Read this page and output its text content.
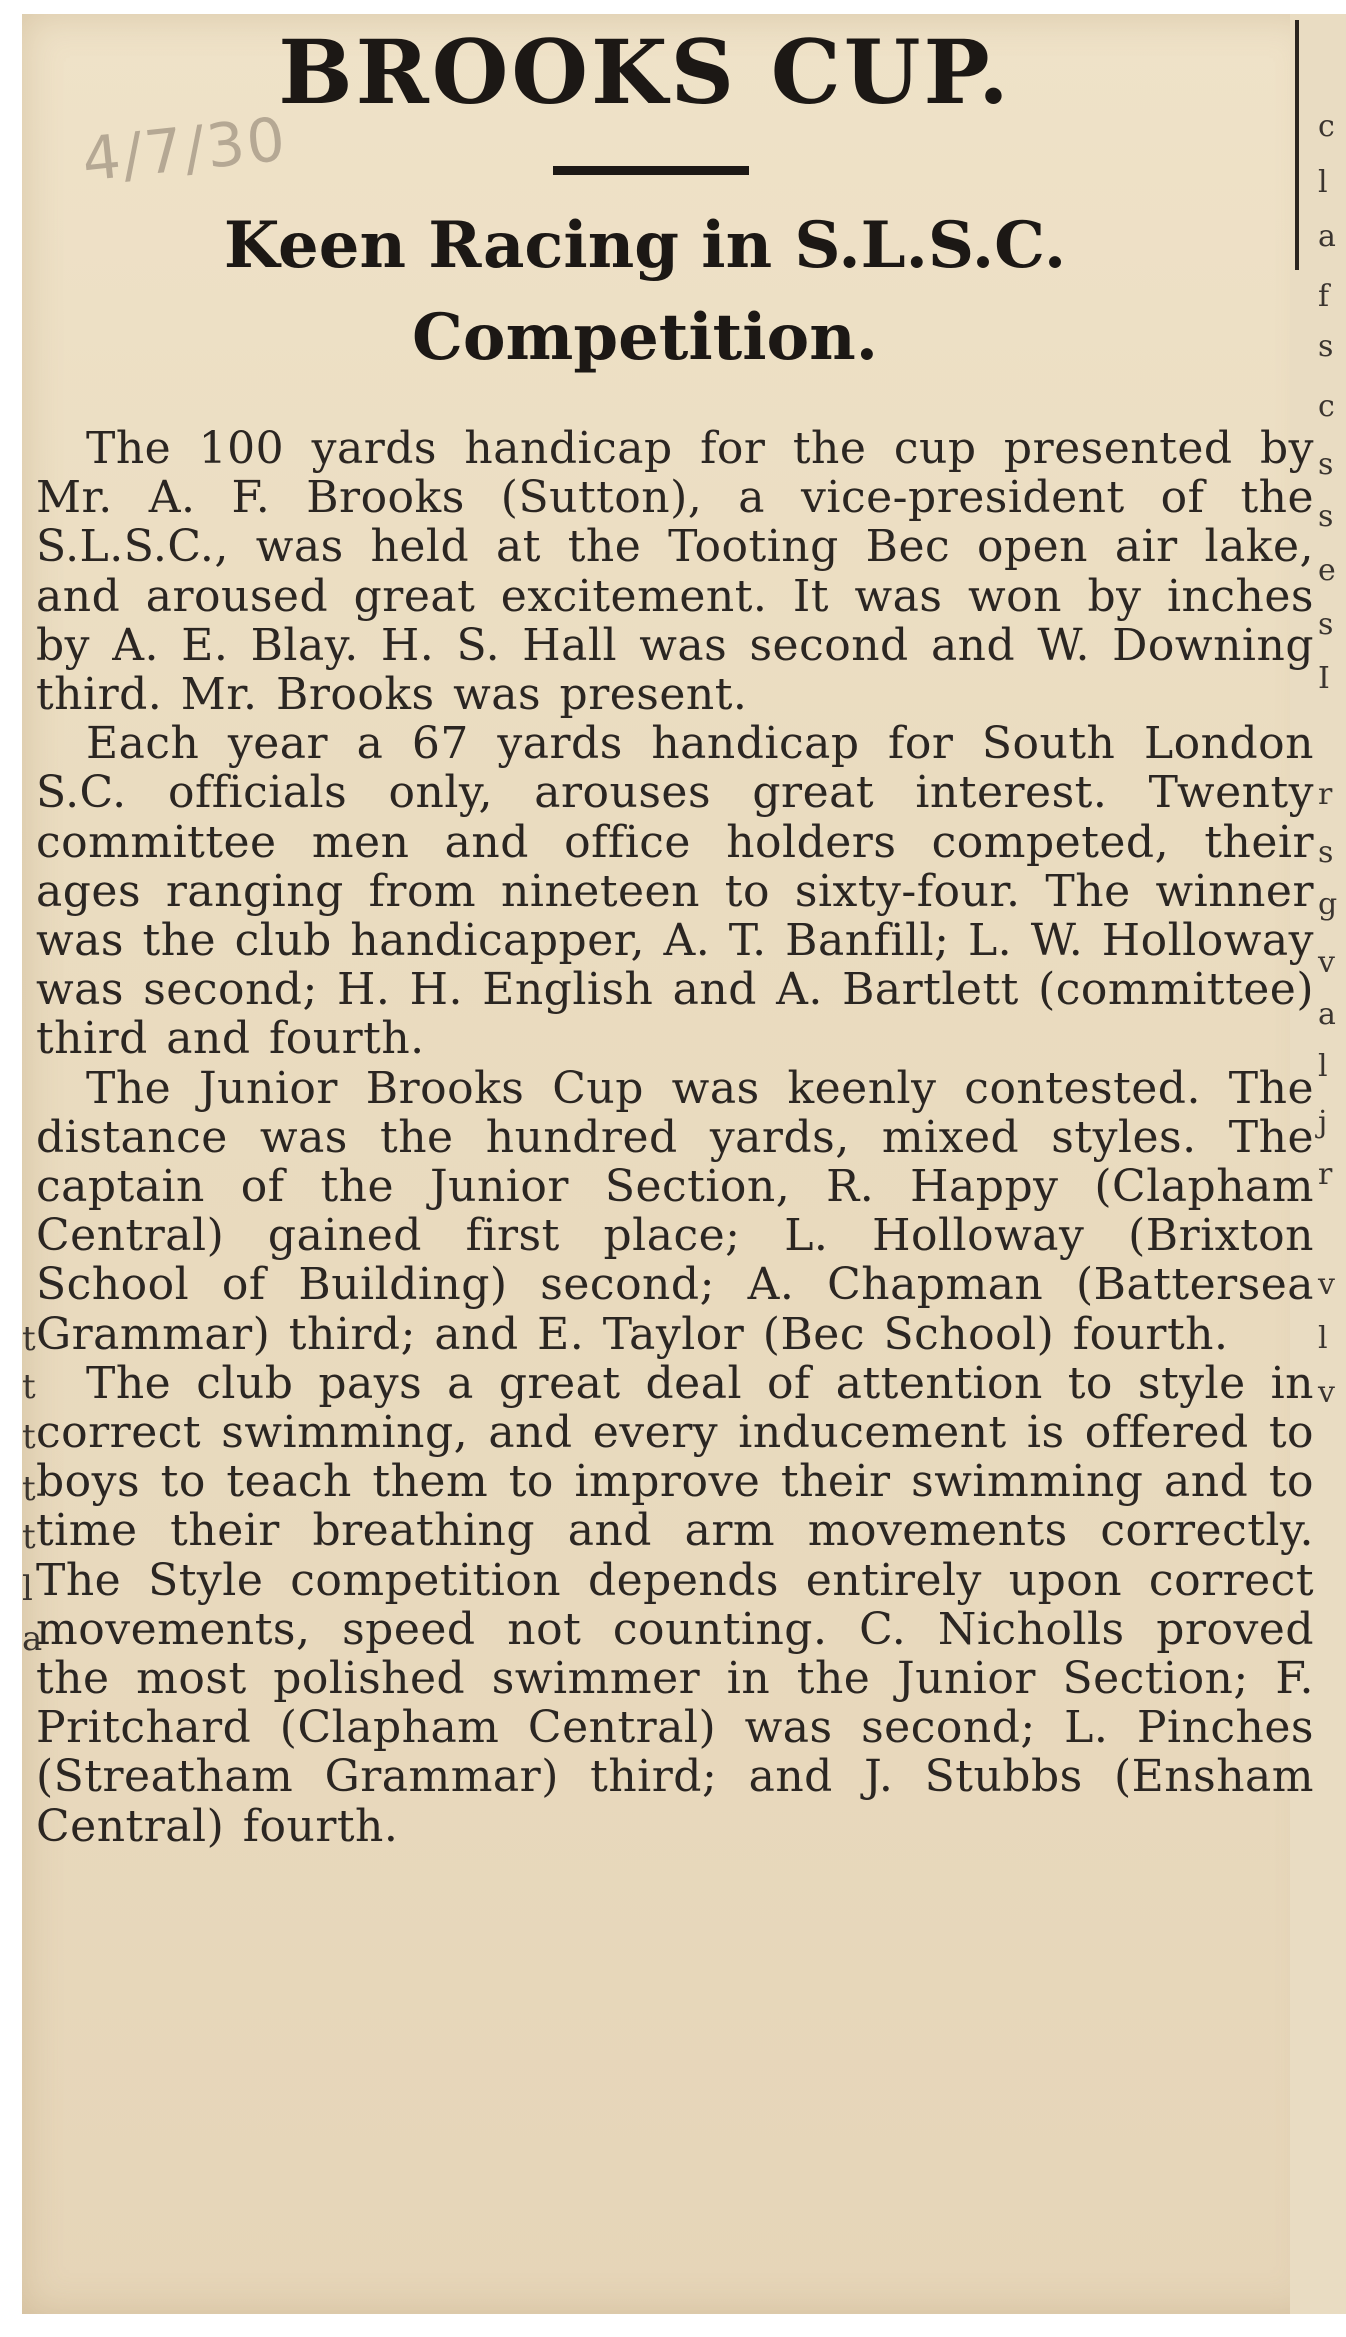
4/7/30
BROOKS CUP.
Keen Racing in S.L.S.C. Competition.

The 100 yards handicap for the cup presented by Mr. A. F. Brooks (Sutton), a vice-president of the S.L.S.C., was held at the Tooting Bec open air lake, and aroused great excitement. It was won by inches by A. E. Blay. H. S. Hall was second and W. Downing third. Mr. Brooks was present.

Each year a 67 yards handicap for South London S.C. officials only, arouses great interest. Twenty committee men and office holders competed, their ages ranging from nineteen to sixty-four. The winner was the club handicapper, A. T. Banfill; L. W. Holloway was second; H. H. English and A. Bartlett (committee) third and fourth.

The Junior Brooks Cup was keenly contested. The distance was the hundred yards, mixed styles. The captain of the Junior Section, R. Happy (Clapham Central) gained first place; L. Holloway (Brixton School of Building) second; A. Chapman (Battersea Grammar) third; and E. Taylor (Bec School) fourth.

The club pays a great deal of attention to style in correct swimming, and every inducement is offered to boys to teach them to improve their swimming and to time their breathing and arm movements correctly. The Style competition depends entirely upon correct movements, speed not counting. C. Nicholls proved the most polished swimmer in the Junior Section; F. Pritchard (Clapham Central) was second; L. Pinches (Streatham Grammar) third; and J. Stubbs (Ensham Central) fourth.

c
l
a
f
s
c
s
s
e
s
I
r
s
g
v
a
l
j
r
v
l
v
t
t
t
t
t
l
a
